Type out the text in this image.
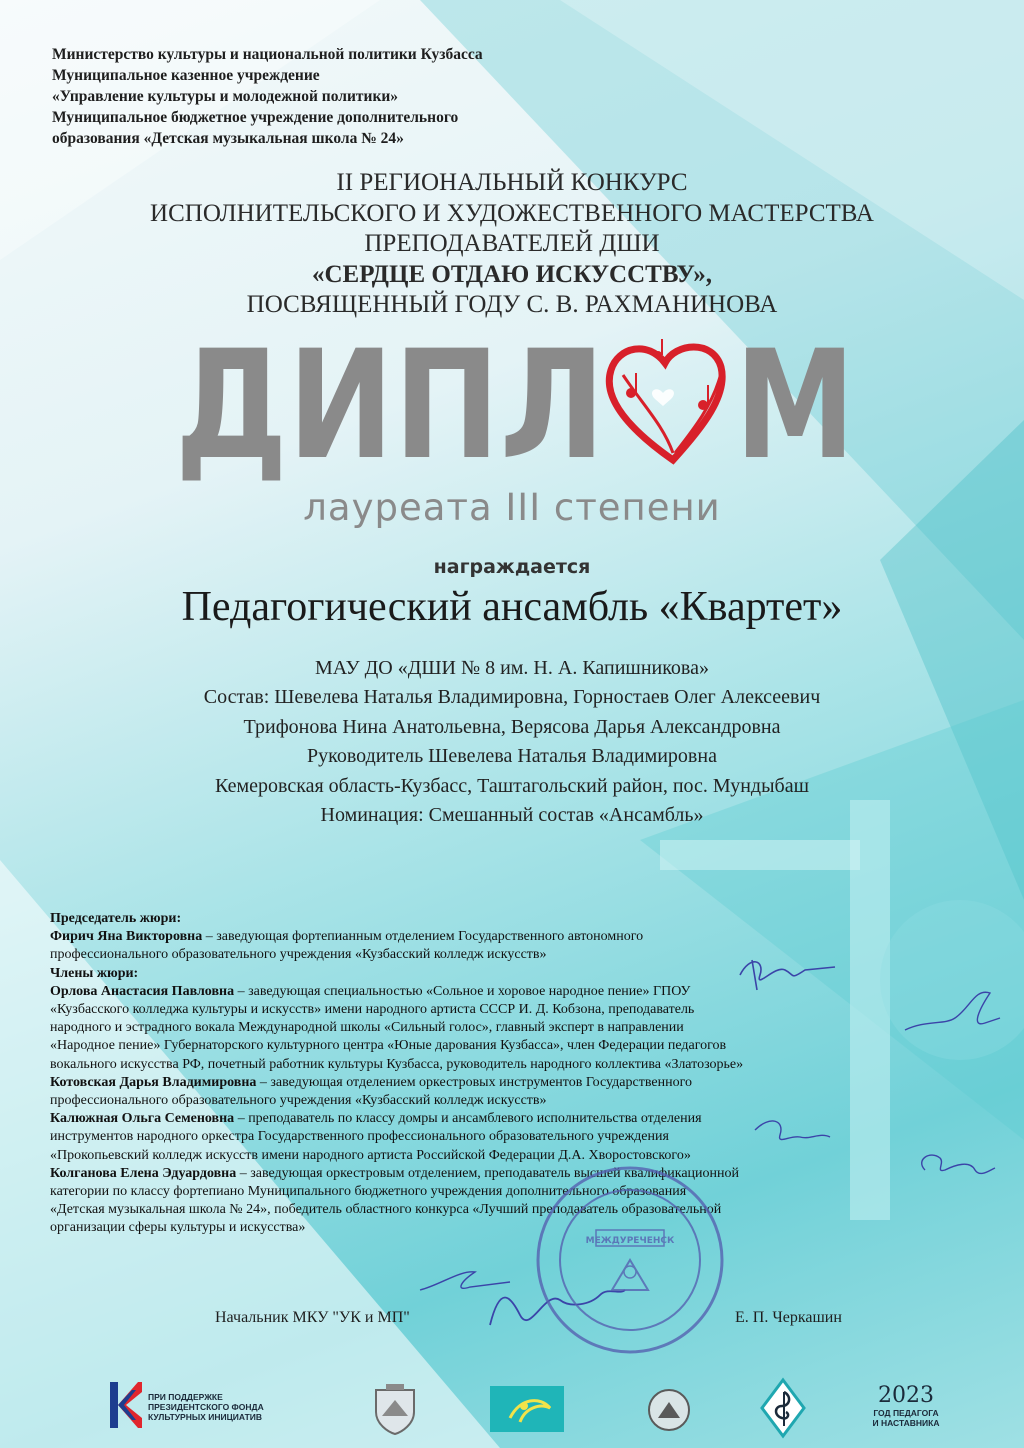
Министерство культуры и национальной политики Кузбасса
Муниципальное казенное учреждение
«Управление культуры и молодежной политики»
Муниципальное бюджетное учреждение дополнительного
образования «Детская музыкальная школа № 24»
II РЕГИОНАЛЬНЫЙ КОНКУРС
ИСПОЛНИТЕЛЬСКОГО И ХУДОЖЕСТВЕННОГО МАСТЕРСТВА
ПРЕПОДАВАТЕЛЕЙ ДШИ
«СЕРДЦЕ ОТДАЮ ИСКУССТВУ»,
ПОСВЯЩЕННЫЙ ГОДУ С. В. РАХМАНИНОВА
ДИПЛ М
лауреата III степени
награждается
Педагогический ансамбль «Квартет»
МАУ ДО «ДШИ № 8 им. Н. А. Капишникова»
Состав: Шевелева Наталья Владимировна, Горностаев Олег Алексеевич
Трифонова Нина Анатольевна, Верясова Дарья Александровна
Руководитель Шевелева Наталья Владимировна
Кемеровская область-Кузбасс, Таштагольский район, пос. Мундыбаш
Номинация: Смешанный состав «Ансамбль»
Председатель жюри:
Фирич Яна Викторовна – заведующая фортепианным отделением Государственного автономного
профессионального образовательного учреждения «Кузбасский колледж искусств»
Члены жюри:
Орлова Анастасия Павловна – заведующая специальностью «Сольное и хоровое народное пение» ГПОУ
«Кузбасского колледжа культуры и искусств» имени народного артиста СССР И. Д. Кобзона, преподаватель
народного и эстрадного вокала Международной школы «Сильный голос», главный эксперт в направлении
«Народное пение» Губернаторского культурного центра «Юные дарования Кузбасса», член Федерации педагогов
вокального искусства РФ, почетный работник культуры Кузбасса, руководитель народного коллектива «Златозорье»
Котовская Дарья Владимировна – заведующая отделением оркестровых инструментов Государственного
профессионального образовательного учреждения «Кузбасский колледж искусств»
Калюжная Ольга Семеновна – преподаватель по классу домры и ансамблевого исполнительства отделения
инструментов народного оркестра Государственного профессионального образовательного учреждения
«Прокопьевский колледж искусств имени народного артиста Российской Федерации Д.А. Хворостовского»
Колганова Елена Эдуардовна – заведующая оркестровым отделением, преподаватель высшей квалификационной
категории по классу фортепиано Муниципального бюджетного учреждения дополнительного образования
«Детская музыкальная школа № 24», победитель областного конкурса «Лучший преподаватель образовательной
организации сферы культуры и искусства»
МЕЖДУРЕЧЕНСК
Начальник МКУ "УК и МП"	Е. П. Черкашин
ПРИ ПОДДЕРЖКЕ
ПРЕЗИДЕНТСКОГО ФОНДА
КУЛЬТУРНЫХ ИНИЦИАТИВ
2023
ГОД ПЕДАГОГА
И НАСТАВНИКА
